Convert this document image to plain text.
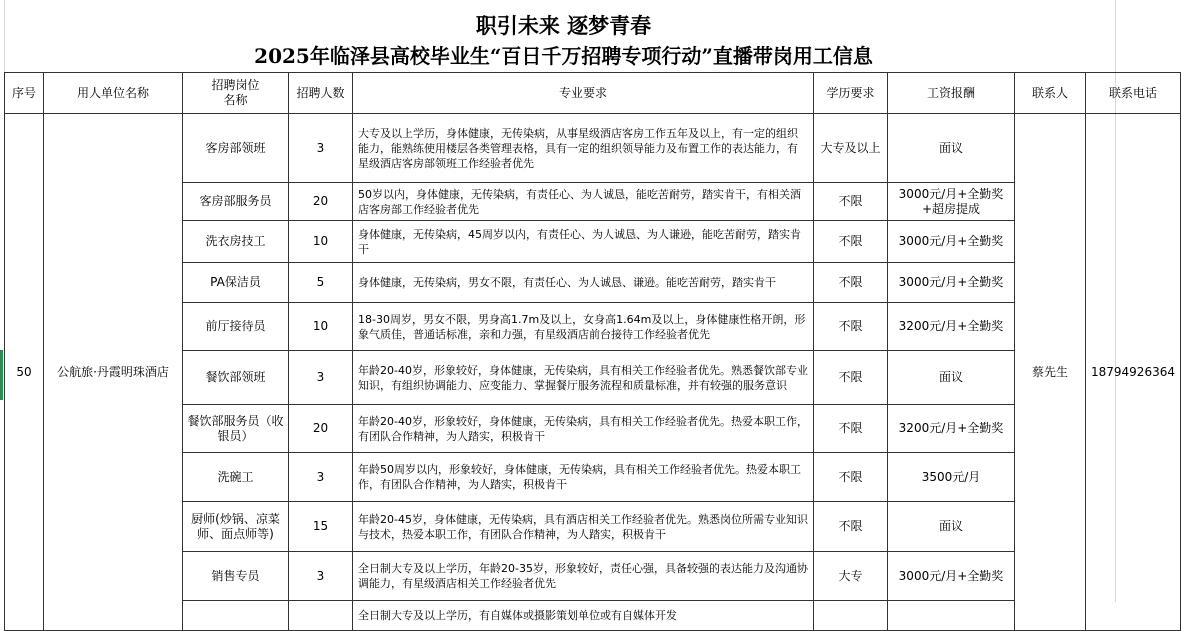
职引未来 逐梦青春
2025年临泽县高校毕业生“百日千万招聘专项行动”直播带岗用工信息
序号	用人单位名称	招聘岗位
名称	招聘人数	专业要求	学历要求	工资报酬	联系人	联系电话
50	公航旅·丹霞明珠酒店	客房部领班	3	大专及以上学历，身体健康，无传染病，从事星级酒店客房工作五年及以上，有一定的组织能力，能熟练使用楼层各类管理表格，具有一定的组织领导能力及布置工作的表达能力，有星级酒店客房部领班工作经验者优先	大专及以上	面议	蔡先生	18794926364
		客房部服务员	20	50岁以内，身体健康，无传染病，有责任心、为人诚恳，能吃苦耐劳，踏实肯干，有相关酒店客房部工作经验者优先	不限	3000元/月+全勤奖+超房提成		
		洗衣房技工	10	身体健康，无传染病，45周岁以内，有责任心、为人诚恳、为人谦逊，能吃苦耐劳，踏实肯干	不限	3000元/月+全勤奖		
		PA保洁员	5	身体健康，无传染病，男女不限，有责任心、为人诚恳、谦逊。能吃苦耐劳，踏实肯干	不限	3000元/月+全勤奖		
		前厅接待员	10	18-30周岁，男女不限，男身高1.7m及以上，女身高1.64m及以上，身体健康性格开朗，形象气质佳，普通话标准，亲和力强，有星级酒店前台接待工作经验者优先	不限	3200元/月+全勤奖		
		餐饮部领班	3	年龄20-40岁，形象较好，身体健康，无传染病，具有相关工作经验者优先。熟悉餐饮部专业知识，有组织协调能力、应变能力、掌握餐厅服务流程和质量标准，并有较强的服务意识	不限	面议		
		餐饮部服务员（收银员）	20	年龄20-40岁，形象较好，身体健康，无传染病，具有相关工作经验者优先。热爱本职工作，有团队合作精神，为人踏实，积极肯干	不限	3200元/月+全勤奖		
		洗碗工	3	年龄50周岁以内，形象较好，身体健康，无传染病，具有相关工作经验者优先。热爱本职工作，有团队合作精神，为人踏实，积极肯干	不限	3500元/月		
		厨师(炒锅、凉菜师、面点师等)	15	年龄20-45岁，身体健康，无传染病，具有酒店相关工作经验者优先。熟悉岗位所需专业知识与技术，热爱本职工作，有团队合作精神，为人踏实，积极肯干	不限	面议		
		销售专员	3	全日制大专及以上学历，年龄20-35岁，形象较好，责任心强，具备较强的表达能力及沟通协调能力，有星级酒店相关工作经验者优先	大专	3000元/月+全勤奖		
				全日制大专及以上学历，有自媒体或摄影策划单位或有自媒体开发				
